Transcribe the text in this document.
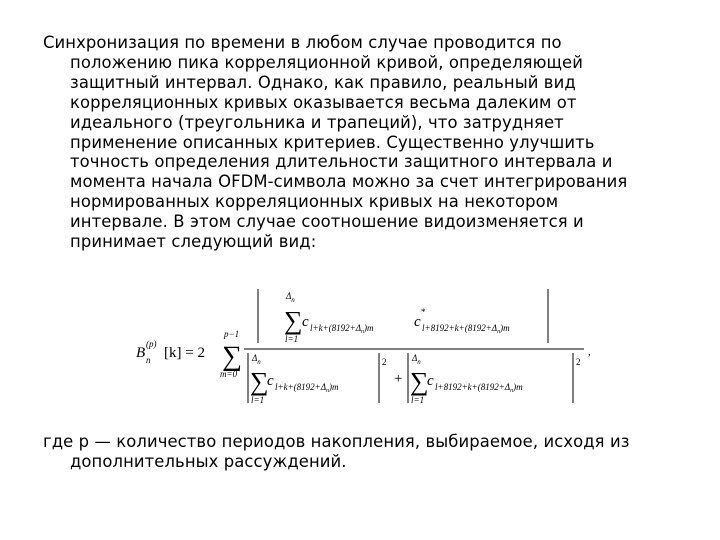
Синхронизация по времени в любом случае проводится по
положению пика корреляционной кривой, определяющей
защитный интервал. Однако, как правило, реальный вид
корреляционных кривых оказывается весьма далеким от
идеального (треугольника и трапеций), что затрудняет
применение описанных критериев. Существенно улучшить
точность определения длительности защитного интервала и
момента начала OFDM-символа можно за счет интегрирования
нормированных корреляционных кривых на некотором
интервале. В этом случае соотношение видоизменяется и
принимает следующий вид:
B n
(p)
[k] = 2
p−1
∑
m=0
$\Delta_n$
∑
l=1
c $l+k+(8192+\Delta_n)m$	c
*
$l+8192+k+(8192+\Delta_n)m$
$\Delta_n$
∑
l=1
c $l+k+(8192+\Delta_n)m$
2
+
$\Delta_n$
∑
l=1
c $l+8192+k+(8192+\Delta_n)m$
2
,
где p — количество периодов накопления, выбираемое, исходя из
дополнительных рассуждений.
